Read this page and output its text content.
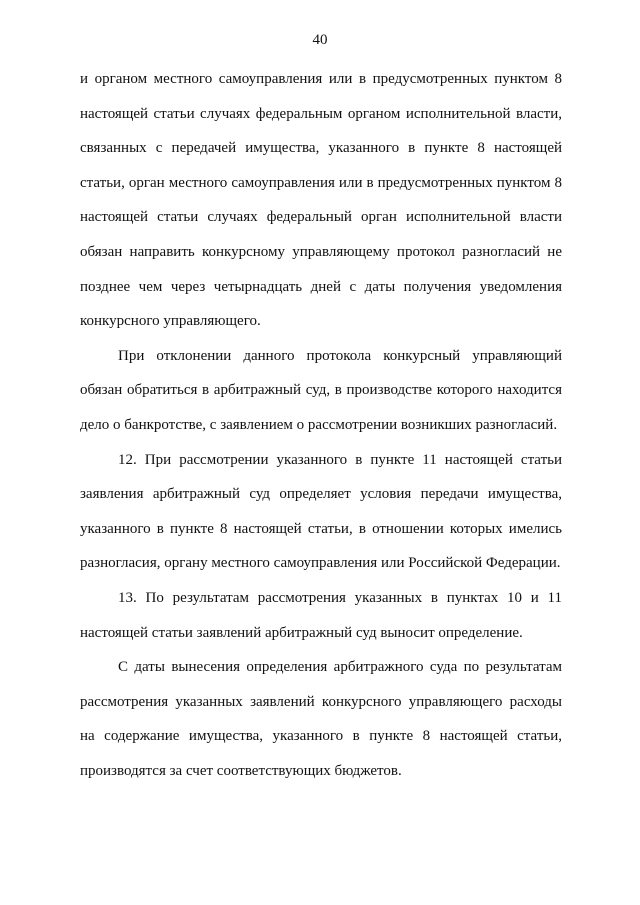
40

и органом местного самоуправления или в предусмотренных пунктом 8 настоящей статьи случаях федеральным органом исполнительной власти, связанных с передачей имущества, указанного в пункте 8 настоящей статьи, орган местного самоуправления или в предусмотренных пунктом 8 настоящей статьи случаях федеральный орган исполнительной власти обязан направить конкурсному управляющему протокол разногласий не позднее чем через четырнадцать дней с даты получения уведомления конкурсного управляющего.

При отклонении данного протокола конкурсный управляющий обязан обратиться в арбитражный суд, в производстве которого находится дело о банкротстве, с заявлением о рассмотрении возникших разногласий.

12. При рассмотрении указанного в пункте 11 настоящей статьи заявления арбитражный суд определяет условия передачи имущества, указанного в пункте 8 настоящей статьи, в отношении которых имелись разногласия, органу местного самоуправления или Российской Федерации.

13. По результатам рассмотрения указанных в пунктах 10 и 11 настоящей статьи заявлений арбитражный суд выносит определение.

С даты вынесения определения арбитражного суда по результатам рассмотрения указанных заявлений конкурсного управляющего расходы на содержание имущества, указанного в пункте 8 настоящей статьи, производятся за счет соответствующих бюджетов.
